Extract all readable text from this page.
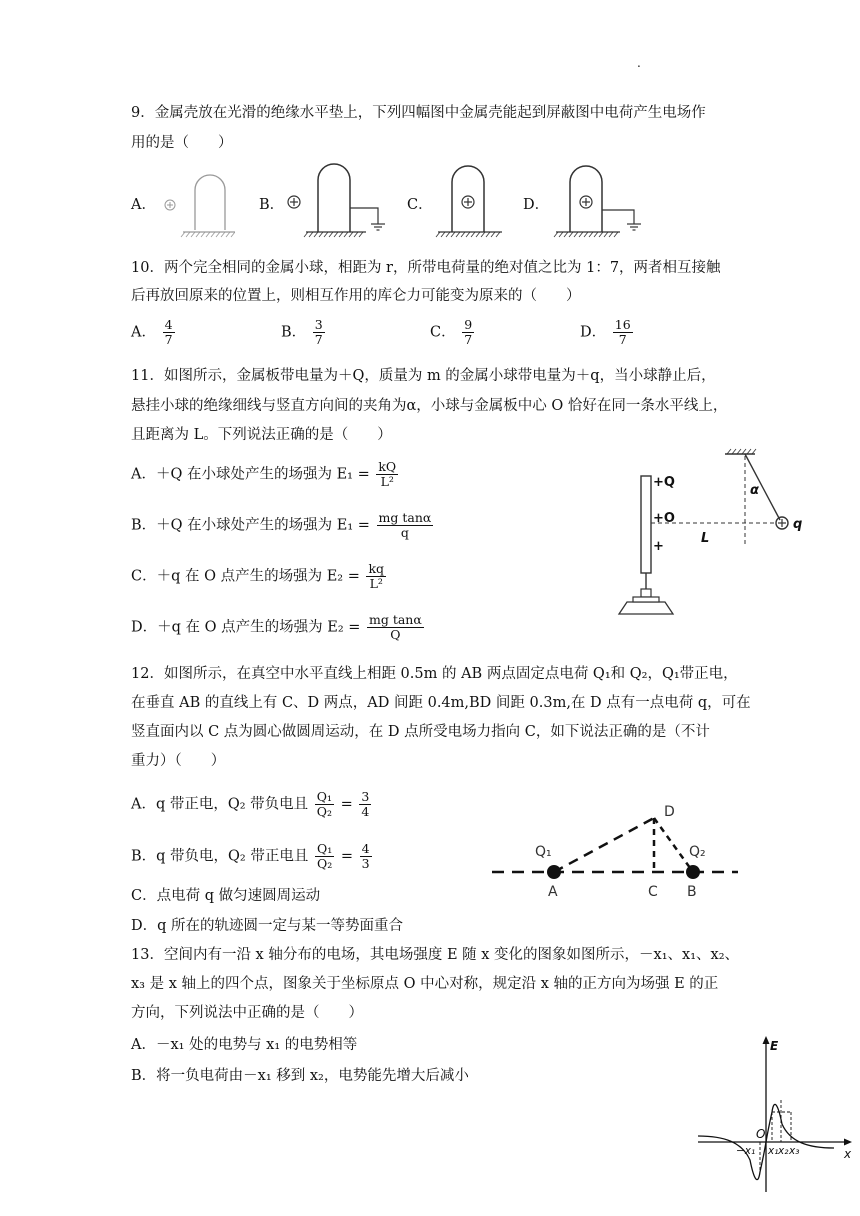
.
9．金属壳放在光滑的绝缘水平垫上，下列四幅图中金属壳能起到屏蔽图中电荷产生电场作
用的是（　　）
A．	B．	C．	D．
10．两个完全相同的金属小球，相距为 r，所带电荷量的绝对值之比为 1：7，两者相互接触
后再放回原来的位置上，则相互作用的库仑力可能变为原来的（　　）
A． $\frac{4}{7}$	B． $\frac{3}{7}$	C． $\frac{9}{7}$	D． $\frac{16}{7}$
11．如图所示，金属板带电量为＋Q，质量为 m 的金属小球带电量为＋q，当小球静止后，
悬挂小球的绝缘细线与竖直方向间的夹角为α，小球与金属板中心 O 恰好在同一条水平线上，
且距离为 L。下列说法正确的是（　　）
A．＋Q 在小球处产生的场强为 $E_1 = \frac{kQ}{\text{L²}}$
B．＋Q 在小球处产生的场强为 $E_1 = \frac{\text{mg tanα}}{q}$
C．＋q 在 O 点产生的场强为 $E_2 = \frac{kq}{\text{L²}}$
D．＋q 在 O 点产生的场强为 $E_2 = \frac{\text{mg tanα}}{Q}$
+Q
+O
+
L
α
q
12．如图所示，在真空中水平直线上相距 0.5m 的 AB 两点固定点电荷 Q₁和 Q₂，Q₁带正电，
在垂直 AB 的直线上有 C、D 两点，AD 间距 0.4m,BD 间距 0.3m,在 D 点有一点电荷 q，可在
竖直面内以 C 点为圆心做圆周运动，在 D 点所受电场力指向 C，如下说法正确的是（不计
重力）（　　）
A．q 带正电，Q₂ 带负电且 $\frac{\text{Q₁}}{\text{Q₂}} = \frac{3}{4}$
B．q 带负电，Q₂ 带正电且 $\frac{\text{Q₁}}{\text{Q₂}} = \frac{4}{3}$
C．点电荷 q 做匀速圆周运动
D．q 所在的轨迹圆一定与某一等势面重合
D
Q₁	Q₂
A	C B
13．空间内有一沿 x 轴分布的电场，其电场强度 E 随 x 变化的图象如图所示，－x₁、x₁、x₂、
x₃ 是 x 轴上的四个点，图象关于坐标原点 O 中心对称，规定沿 x 轴的正方向为场强 E 的正
方向，下列说法中正确的是（　　）
A．－x₁ 处的电势与 x₁ 的电势相等
B．将一负电荷由－x₁ 移到 x₂，电势能先增大后减小
E
O
x
−x₁ x₁ x₂ x₃
